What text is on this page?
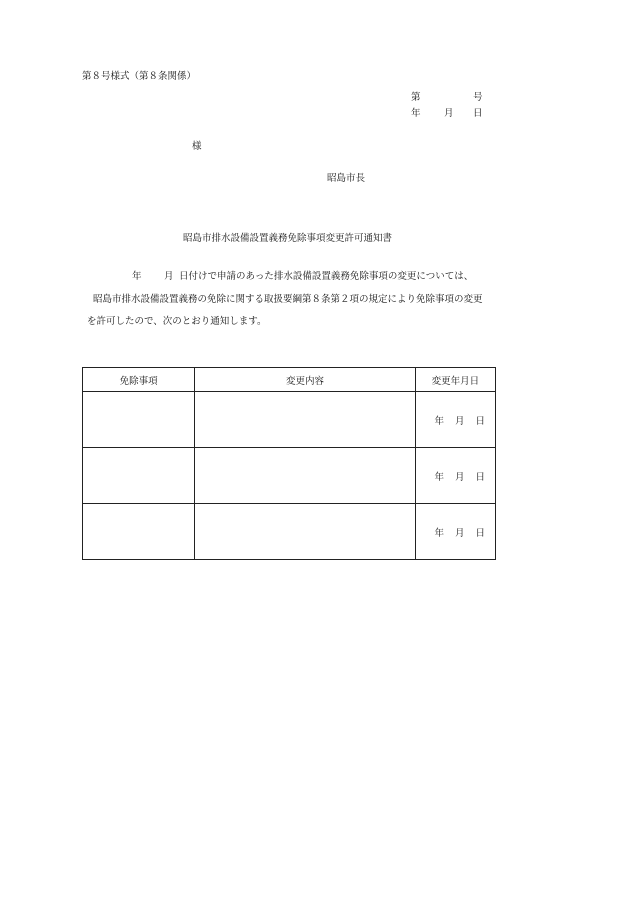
第８号様式（第８条関係）
第	号
年 月 日
様
昭島市長
昭島市排水設備設置義務免除事項変更許可通知書
年 月 日付けで申請のあった排水設備設置義務免除事項の変更については、
昭島市排水設備設置義務の免除に関する取扱要綱第８条第２項の規定により免除事項の変更
を許可したので、次のとおり通知します。
免除事項	変更内容	変更年月日
		年 月 日
		年 月 日
		年 月 日
